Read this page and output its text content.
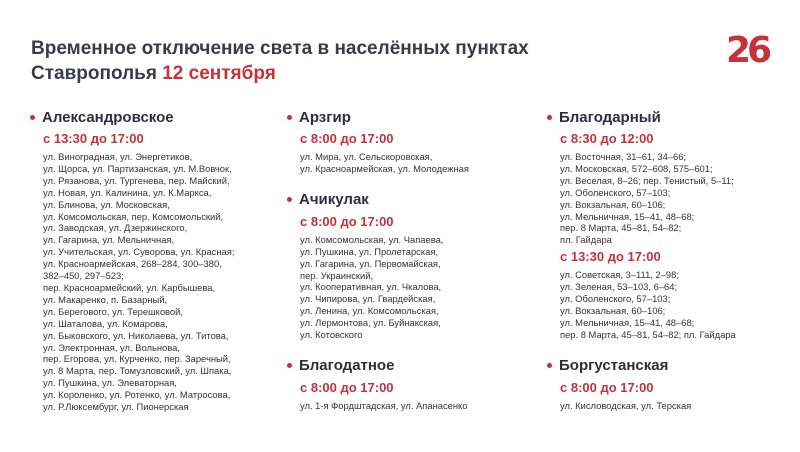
Временное отключение света в населённых пунктах Ставрополья 12 сентября
26
Александровское
с 13:30 до 17:00
ул. Виноградная, ул. Энергетиков,
ул. Щорса, ул. Партизанская, ул. М.Вовчок,
ул. Рязанова, ул. Тургенева, пер. Майский,
ул. Новая, ул. Калинина, ул. К.Маркса,
ул. Блинова, ул. Московская,
ул. Комсомольская, пер. Комсомольский,
ул. Заводская, ул. Дзержинского,
ул. Гагарина, ул. Мельничная,
ул. Учительская, ул. Суворова, ул. Красная;
ул. Красноармейская, 268–284, 300–380,
382–450, 297–523;
пер. Красноармейский, ул. Карбышева,
ул. Макаренко, п. Базарный,
ул. Берегового, ул. Терешковой,
ул. Шаталова, ул. Комарова,
ул. Быковского, ул. Николаева, ул. Титова,
ул. Электронная, ул. Вольнова,
пер. Егорова, ул. Курченко, пер. Заречный,
ул. 8 Марта, пер. Томузловский, ул. Шпака,
ул. Пушкина, ул. Элеваторная,
ул. Короленко, ул. Ротенко, ул. Матросова,
ул. Р.Люксембург, ул. Пионерская
Арзгир
с 8:00 до 17:00
ул. Мира, ул. Сельскоровская,
ул. Красноармейская, ул. Молодежная
Ачикулак
с 8:00 до 17:00
ул. Комсомольская, ул. Чапаева,
ул. Пушкина, ул. Пролетарская,
ул. Гагарина, ул. Первомайская,
пер. Украинский,
ул. Кооперативная, ул. Чкалова,
ул. Чипирова, ул. Гвардейская,
ул. Ленина, ул. Комсомольская,
ул. Лермонтова, ул. Буйнакская,
ул. Котовского
Благодатное
с 8:00 до 17:00
ул. 1-я Фордштадская, ул. Апанасенко
Благодарный
с 8:30 до 12:00
ул. Восточная, 31–61, 34–66;
ул. Московская, 572–608, 575–601;
ул. Веселая, 8–26; пер. Тенистый, 5–11;
ул. Оболенского, 57–103;
ул. Вокзальная, 60–106;
ул. Мельничная, 15–41, 48–68;
пер. 8 Марта, 45–81, 54–82;
пл. Гайдара
с 13:30 до 17:00
ул. Советская, 3–111, 2–98;
ул. Зеленая, 53–103, 6–64;
ул. Оболенского, 57–103;
ул. Вокзальная, 60–106;
ул. Мельничная, 15–41, 48–68;
пер. 8 Марта, 45–81, 54–82; пл. Гайдара
Боргустанская
с 8:00 до 17:00
ул. Кисловодская, ул. Терская
